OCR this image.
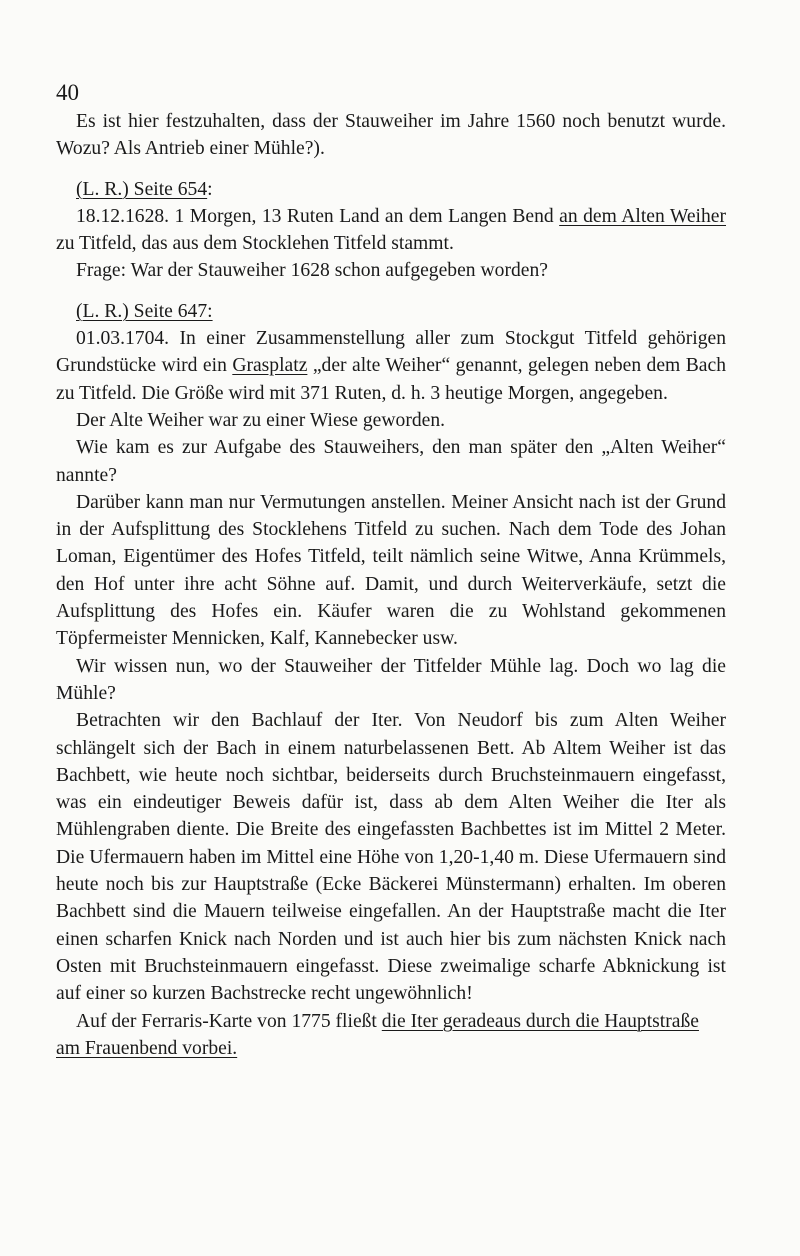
40

Es ist hier festzuhalten, dass der Stauweiher im Jahre 1560 noch benutzt wurde. Wozu? Als Antrieb einer Mühle?).

(L. R.) Seite 654:

18.12.1628. 1 Morgen, 13 Ruten Land an dem Langen Bend an dem Alten Weiher zu Titfeld, das aus dem Stocklehen Titfeld stammt.

Frage: War der Stauweiher 1628 schon aufgegeben worden?

(L. R.) Seite 647:

01.03.1704. In einer Zusammenstellung aller zum Stockgut Titfeld gehörigen Grundstücke wird ein Grasplatz „der alte Weiher“ genannt, gelegen neben dem Bach zu Titfeld. Die Größe wird mit 371 Ruten, d. h. 3 heutige Morgen, angegeben.

Der Alte Weiher war zu einer Wiese geworden.

Wie kam es zur Aufgabe des Stauweihers, den man später den „Alten Weiher“ nannte?

Darüber kann man nur Vermutungen anstellen. Meiner Ansicht nach ist der Grund in der Aufsplittung des Stocklehens Titfeld zu suchen. Nach dem Tode des Johan Loman, Eigentümer des Hofes Titfeld, teilt nämlich seine Witwe, Anna Krümmels, den Hof unter ihre acht Söhne auf. Damit, und durch Weiterverkäufe, setzt die Aufsplittung des Hofes ein. Käufer waren die zu Wohlstand gekommenen Töpfermeister Mennicken, Kalf, Kannebecker usw.

Wir wissen nun, wo der Stauweiher der Titfelder Mühle lag. Doch wo lag die Mühle?

Betrachten wir den Bachlauf der Iter. Von Neudorf bis zum Alten Weiher schlängelt sich der Bach in einem naturbelassenen Bett. Ab Altem Weiher ist das Bachbett, wie heute noch sichtbar, beiderseits durch Bruchsteinmauern eingefasst, was ein eindeutiger Beweis dafür ist, dass ab dem Alten Weiher die Iter als Mühlengraben diente. Die Breite des eingefassten Bachbettes ist im Mittel 2 Meter. Die Ufermauern haben im Mittel eine Höhe von 1,20-1,40 m. Diese Ufermauern sind heute noch bis zur Hauptstraße (Ecke Bäckerei Münstermann) erhalten. Im oberen Bachbett sind die Mauern teilweise eingefallen. An der Hauptstraße macht die Iter einen scharfen Knick nach Norden und ist auch hier bis zum nächsten Knick nach Osten mit Bruchsteinmauern eingefasst. Diese zweimalige scharfe Abknickung ist auf einer so kurzen Bachstrecke recht ungewöhnlich!

Auf der Ferraris-Karte von 1775 fließt die Iter geradeaus durch die Hauptstraße am Frauenbend vorbei.
